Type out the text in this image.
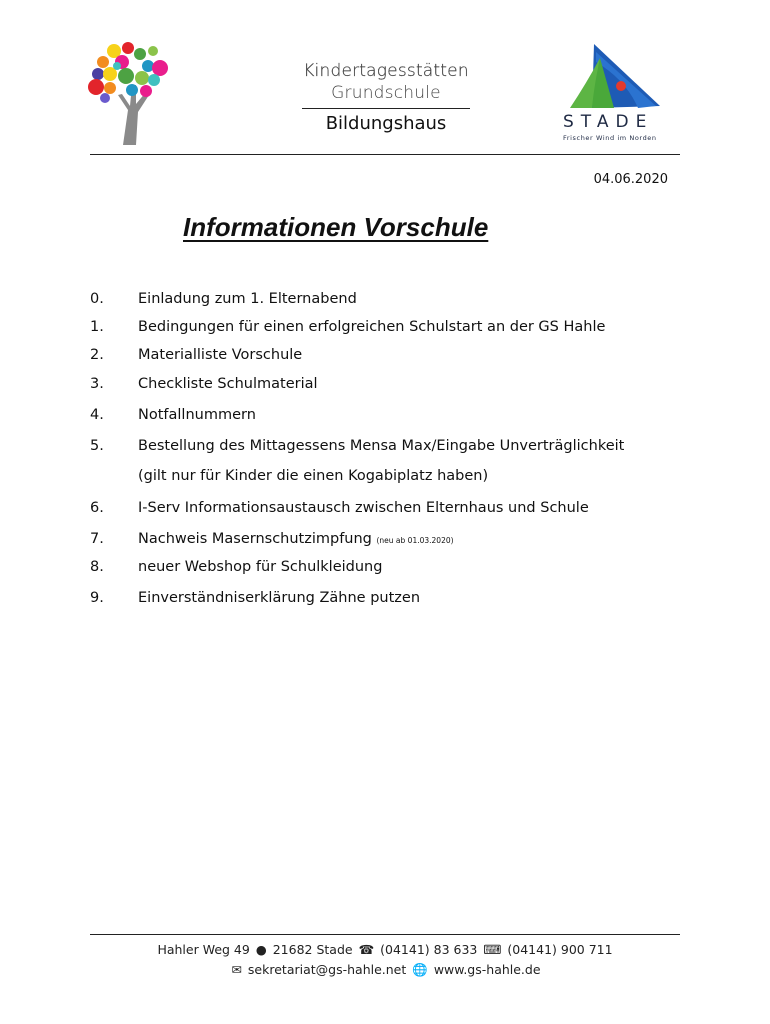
Kindertagesstätten
Grundschule
Bildungshaus	STADE
Frischer Wind im Norden
04.06.2020
Informationen Vorschule
0.	Einladung zum 1. Elternabend
1.	Bedingungen für einen erfolgreichen Schulstart an der GS Hahle
2.	Materialliste Vorschule
3.	Checkliste Schulmaterial
4.	Notfallnummern
5.	Bestellung des Mittagessens Mensa Max/Eingabe Unverträglichkeit
(gilt nur für Kinder die einen Kogabiplatz haben)
6.	I-Serv Informationsaustausch zwischen Elternhaus und Schule
7.	Nachweis Masernschutzimpfung (neu ab 01.03.2020)
8.	neuer Webshop für Schulkleidung
9.	Einverständniserklärung Zähne putzen
Hahler Weg 49 ● 21682 Stade ☎ (04141) 83 633 ⌨ (04141) 900 711
✉ sekretariat@gs-hahle.net 🌐 www.gs-hahle.de
